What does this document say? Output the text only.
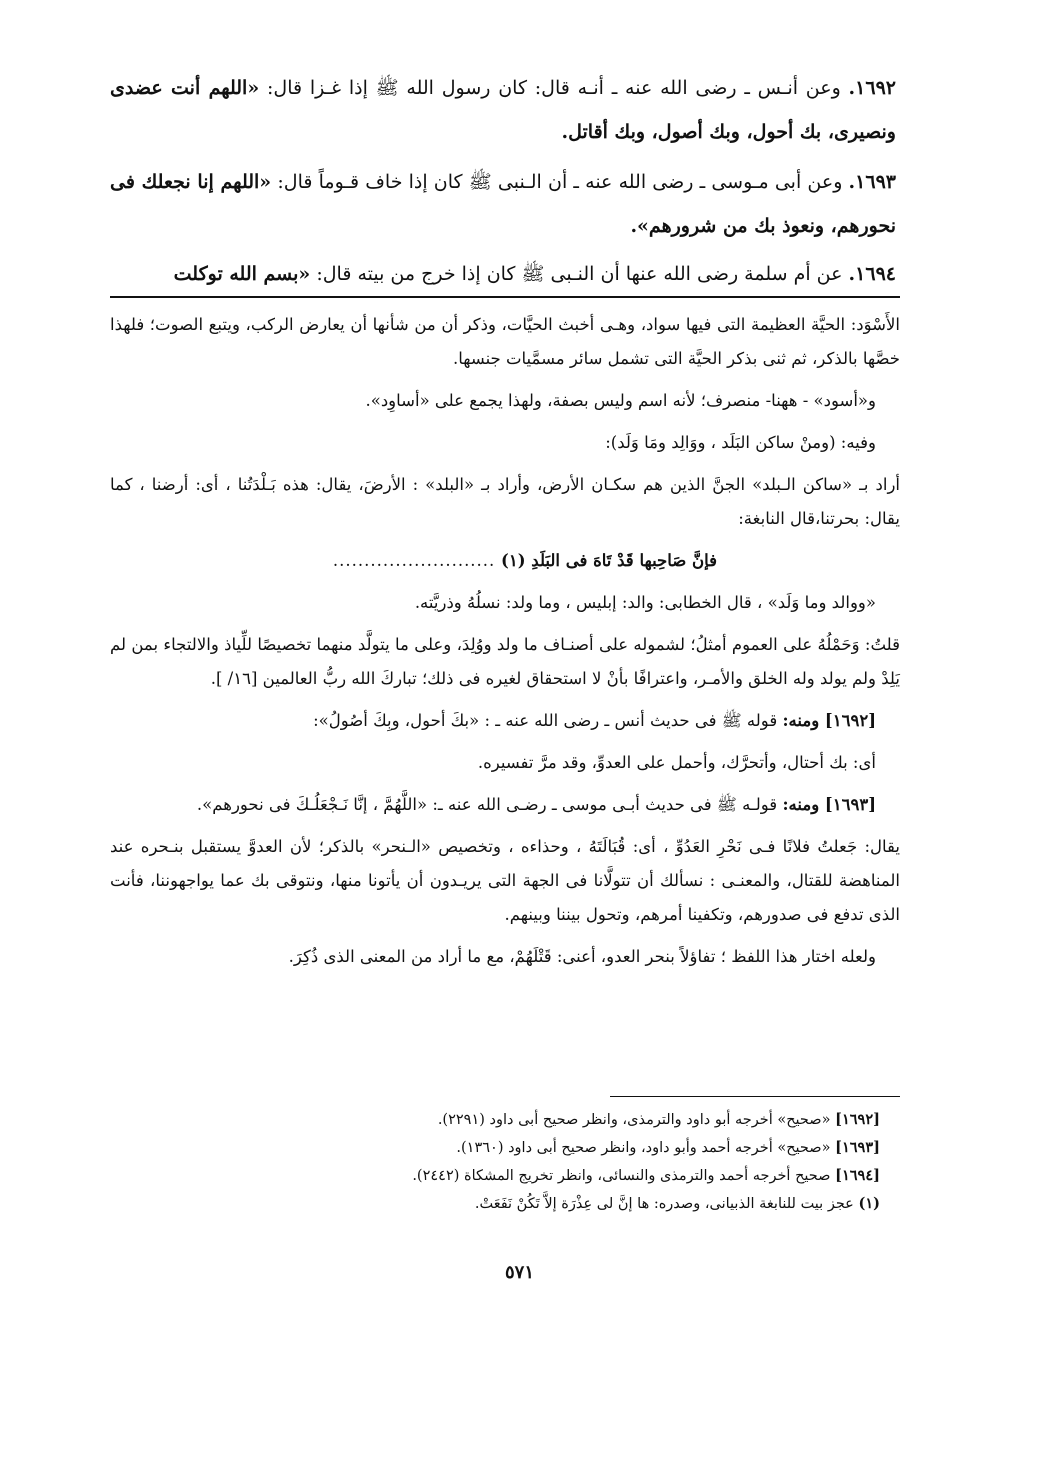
١٦٩٢. وعن أنـس ـ رضى الله عنه ـ أنـه قال: كان رسول الله ﷺ إذا غـزا قال: «اللهم أنت عضدى ونصيرى، بك أحول، وبك أصول، وبك أقاتل.
١٦٩٣. وعن أبى مـوسى ـ رضى الله عنه ـ أن الـنبى ﷺ كان إذا خاف قـوماً قال: «اللهم إنا نجعلك فى نحورهم، ونعوذ بك من شرورهم».
١٦٩٤. عن أم سلمة رضى الله عنها أن النـبى ﷺ كان إذا خرج من بيته قال: «بسم الله توكلت

الأَسْوَد: الحيَّة العظيمة التى فيها سواد، وهـى أخبث الحيَّات، وذكر أن من شأنها أن يعارض الركب، ويتبع الصوت؛ فلهذا خصَّها بالذكر، ثم ثنى بذكر الحيَّة التى تشمل سائر مسمَّيات جنسها.

و«أسود» - ههنا- منصرف؛ لأنه اسم وليس بصفة، ولهذا يجمع على «أساوِد».

وفيه: (ومنْ ساكن البَلَد ، ووَالِد ومَا وَلَد):

أراد بـ «ساكن الـبلد» الجنَّ الذين هم سكـان الأرض، وأراد بـ «البلد» : الأرضَ، يقال: هذه بَـلْدَتُنا ، أى: أرضنا ، كما يقال: بحرتنا،قال النابغة:

فإنَّ صَاحِبها قَدْ تَاهَ فى البَلَدِ (١) ..........................

«ووالد وما وَلَد» ، قال الخطابى: والد: إبليس ، وما ولد: نسلُهُ وذريَّته.

قلتُ: وَحَمْلُهُ على العموم أمثلُ؛ لشموله على أصنـاف ما ولد ووُلِدَ، وعلى ما يتولَّد منهما تخصيصًا للِّياذ والالتجاء بمن لم يَلِدْ ولم يولد وله الخلق والأمـر، واعترافًا بأنْ لا استحقاق لغيره فى ذلك؛ تباركَ الله ربُّ العالمين [١٦/ ].

[١٦٩٢] ومنه: قوله ﷺ فى حديث أنس ـ رضى الله عنه ـ : «بكَ أحول، وبِكَ أصُولُ»:

أى: بك أحتال، وأتحرَّك، وأحمل على العدوِّ، وقد مرَّ تفسيره.

[١٦٩٣] ومنه: قولـه ﷺ فى حديث أبـى موسى ـ رضـى الله عنه ـ: «اللَّهُمَّ ، إنَّا نَـجْعَلُـكَ فى نحورهم».

يقال: جَعلتُ فلانًا فـى نَحْرِ العَدُوِّ ، أى: قُبَالَتَهُ ، وحذاءه ، وتخصيص «الـنحر» بالذكر؛ لأن العدوَّ يستقبل بنـحره عند المناهضة للقتال، والمعنـى : نسألك أن تتولَّانا فى الجهة التى يريـدون أن يأتونا منها، ونتوقى بك عما يواجهوننا، فأنت الذى تدفع فى صدورهم، وتكفينا أمرهم، وتحول بيننا وبينهم.

ولعله اختار هذا اللفظ ؛ تفاؤلاً بنحر العدو، أعنى: قَتْلَهُمْ، مع ما أراد من المعنى الذى ذُكِرَ.

[١٦٩٢] «صحيح» أخرجه أبو داود والترمذى، وانظر صحيح أبى داود (٢٢٩١).
[١٦٩٣] «صحيح» أخرجه أحمد وأبو داود، وانظر صحيح أبى داود (١٣٦٠).
[١٦٩٤] صحيح أخرجه أحمد والترمذى والنسائى، وانظر تخريج المشكاة (٢٤٤٢).
(١) عجز بيت للنابغة الذبيانى، وصدره: ها إنَّ لى عِذْرَة إلاَّ تَكُنْ نَفَعَتْ.
٥٧١
